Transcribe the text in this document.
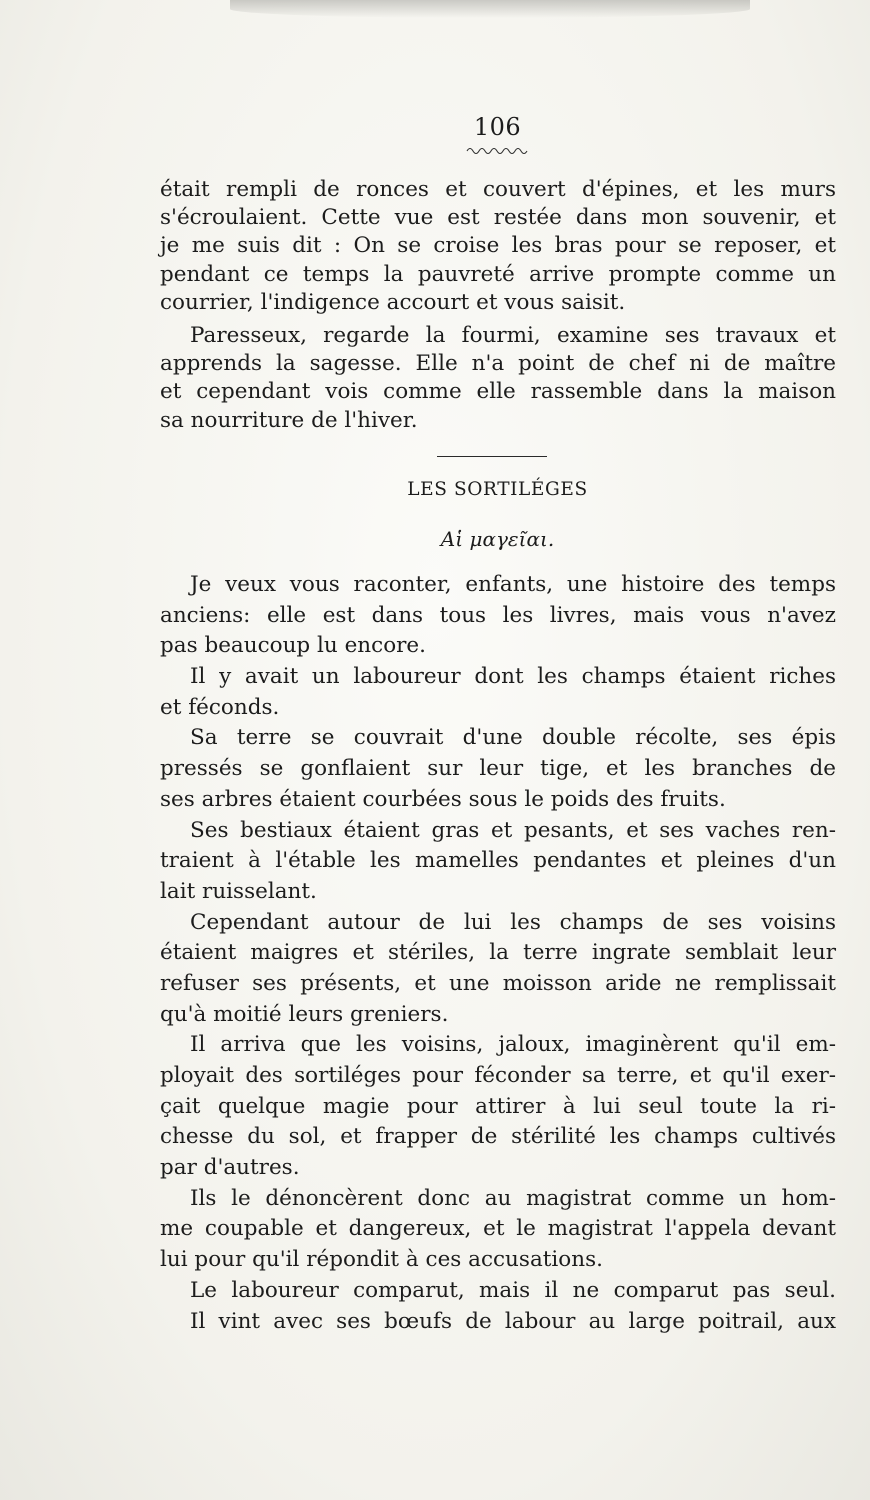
106
était rempli de ronces et couvert d'épines, et les murs
s'écroulaient. Cette vue est restée dans mon souvenir, et
je me suis dit : On se croise les bras pour se reposer, et
pendant ce temps la pauvreté arrive prompte comme un
courrier, l'indigence accourt et vous saisit.
Paresseux, regarde la fourmi, examine ses travaux et
apprends la sagesse. Elle n'a point de chef ni de maître
et cependant vois comme elle rassemble dans la maison
sa nourriture de l'hiver.
LES SORTILÉGES
Αἱ μαγεῖαι.
Je veux vous raconter, enfants, une histoire des temps
anciens: elle est dans tous les livres, mais vous n'avez
pas beaucoup lu encore.
Il y avait un laboureur dont les champs étaient riches
et féconds.
Sa terre se couvrait d'une double récolte, ses épis
pressés se gonflaient sur leur tige, et les branches de
ses arbres étaient courbées sous le poids des fruits.
Ses bestiaux étaient gras et pesants, et ses vaches ren-
traient à l'étable les mamelles pendantes et pleines d'un
lait ruisselant.
Cependant autour de lui les champs de ses voisins
étaient maigres et stériles, la terre ingrate semblait leur
refuser ses présents, et une moisson aride ne remplissait
qu'à moitié leurs greniers.
Il arriva que les voisins, jaloux, imaginèrent qu'il em-
ployait des sortiléges pour féconder sa terre, et qu'il exer-
çait quelque magie pour attirer à lui seul toute la ri-
chesse du sol, et frapper de stérilité les champs cultivés
par d'autres.
Ils le dénoncèrent donc au magistrat comme un hom-
me coupable et dangereux, et le magistrat l'appela devant
lui pour qu'il répondit à ces accusations.
Le laboureur comparut, mais il ne comparut pas seul.
Il vint avec ses bœufs de labour au large poitrail, aux
